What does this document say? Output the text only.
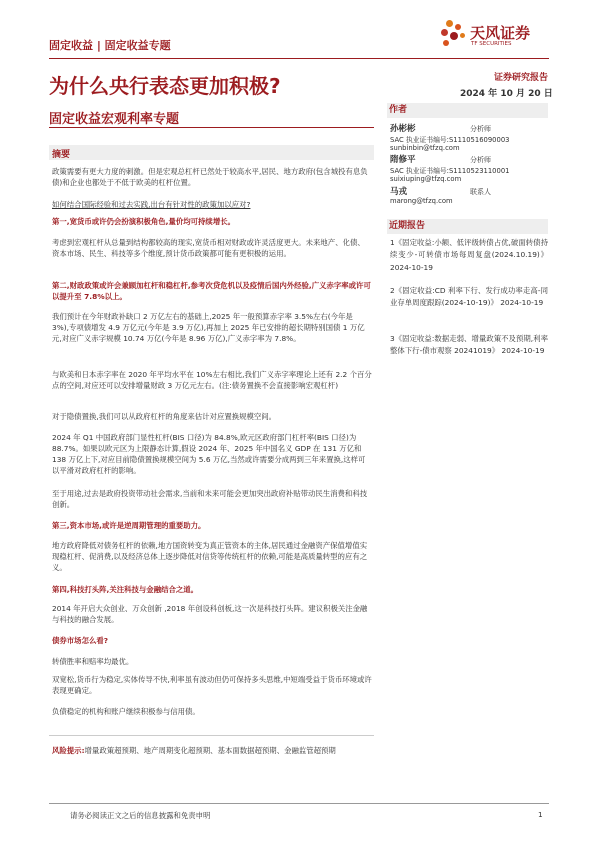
固定收益 | 固定收益专题
天风证券
TF SECURITIES
为什么央行表态更加积极?	证券研究报告
2024 年 10 月 20 日
固定收益宏观利率专题
摘要
政策需要有更大力度的刺激。但是宏观总杠杆已然处于较高水平,居民、地方政府(包含城投有息负债)和企业也都处于不低于欧美的杠杆位置。
如何结合国际经验和过去实践,出台有针对性的政策加以应对?
第一,宽货币或许仍会扮演积极角色,量价均可持续增长。
考虑到宏观杠杆从总量到结构都较高的现实,宽货币相对财政或许灵活度更大。未来地产、化债、资本市场、民生、科技等多个维度,预计货币政策都可能有更积极的运用。
第二,财政政策或许会兼顾加杠杆和稳杠杆,参考次贷危机以及疫情后国内外经验,广义赤字率或许可以提升至 7.8%以上。
我们预计在今年财政补缺口 2 万亿左右的基础上,2025 年一般预算赤字率 3.5%左右(今年是 3%),专项债增发 4.9 万亿元(今年是 3.9 万亿),再加上 2025 年已安排的超长期特别国债 1 万亿元,对应广义赤字规模 10.74 万亿(今年是 8.96 万亿),广义赤字率为 7.8%。
与欧美和日本赤字率在 2020 年平均水平在 10%左右相比,我们广义赤字率理论上还有 2.2 个百分点的空间,对应还可以安排增量财政 3 万亿元左右。(注:债务置换不会直接影响宏观杠杆)
对于隐债置换,我们可以从政府杠杆的角度来估计对应置换规模空间。
2024 年 Q1 中国政府部门显性杠杆(BIS 口径)为 84.8%,欧元区政府部门杠杆率(BIS 口径)为 88.7%。如果以欧元区为上限静态计算,假设 2024 年、2025 年中国名义 GDP 在 131 万亿和 138 万亿上下,对应目前隐债置换规模空间为 5.6 万亿,当然或许需要分成两到三年来置换,这样可以平滑对政府杠杆的影响。
至于用途,过去是政府投资带动社会需求,当前和未来可能会更加突出政府补贴带动民生消费和科技创新。
第三,资本市场,或许是逆周期管理的重要助力。
地方政府降低对债务杠杆的依赖,地方国资转变为真正管资本的主体,居民通过金融资产保值增值实现稳杠杆、促消费,以及经济总体上逐步降低对信贷等传统杠杆的依赖,可能是高质量转型的应有之义。
第四,科技打头阵,关注科技与金融结合之道。
2014 年开启大众创业、万众创新 ,2018 年创设科创板,这一次是科技打头阵。建议积极关注金融与科技的融合发展。
债券市场怎么看?
转债胜率和赔率均最优。
双宽松,货币行为稳定,实体传导不快,利率虽有波动但仍可保持多头思维,中短端受益于货币环境或许表现更确定。
负债稳定的机构和账户继续积极参与信用债。
风险提示:增量政策超预期、地产周期变化超预期、基本面数据超预期、金融监管超预期
作者
孙彬彬	分析师
SAC 执业证书编号:S1110516090003
sunbinbin@tfzq.com
隋修平	分析师
SAC 执业证书编号:S1110523110001
suixiuping@tfzq.com
马戎	联系人
marong@tfzq.com
近期报告
1《固定收益:小额、低评级转债占优,破面转债持续变少-可转债市场每周复盘(2024.10.19)》 2024-10-19
2《固定收益:CD 利率下行、发行成功率走高-同业存单周度跟踪(2024-10-19)》 2024-10-19
3《固定收益:数据走弱、增量政策不及预期,利率整体下行-债市观察 20241019》 2024-10-19
请务必阅读正文之后的信息披露和免责申明	1
